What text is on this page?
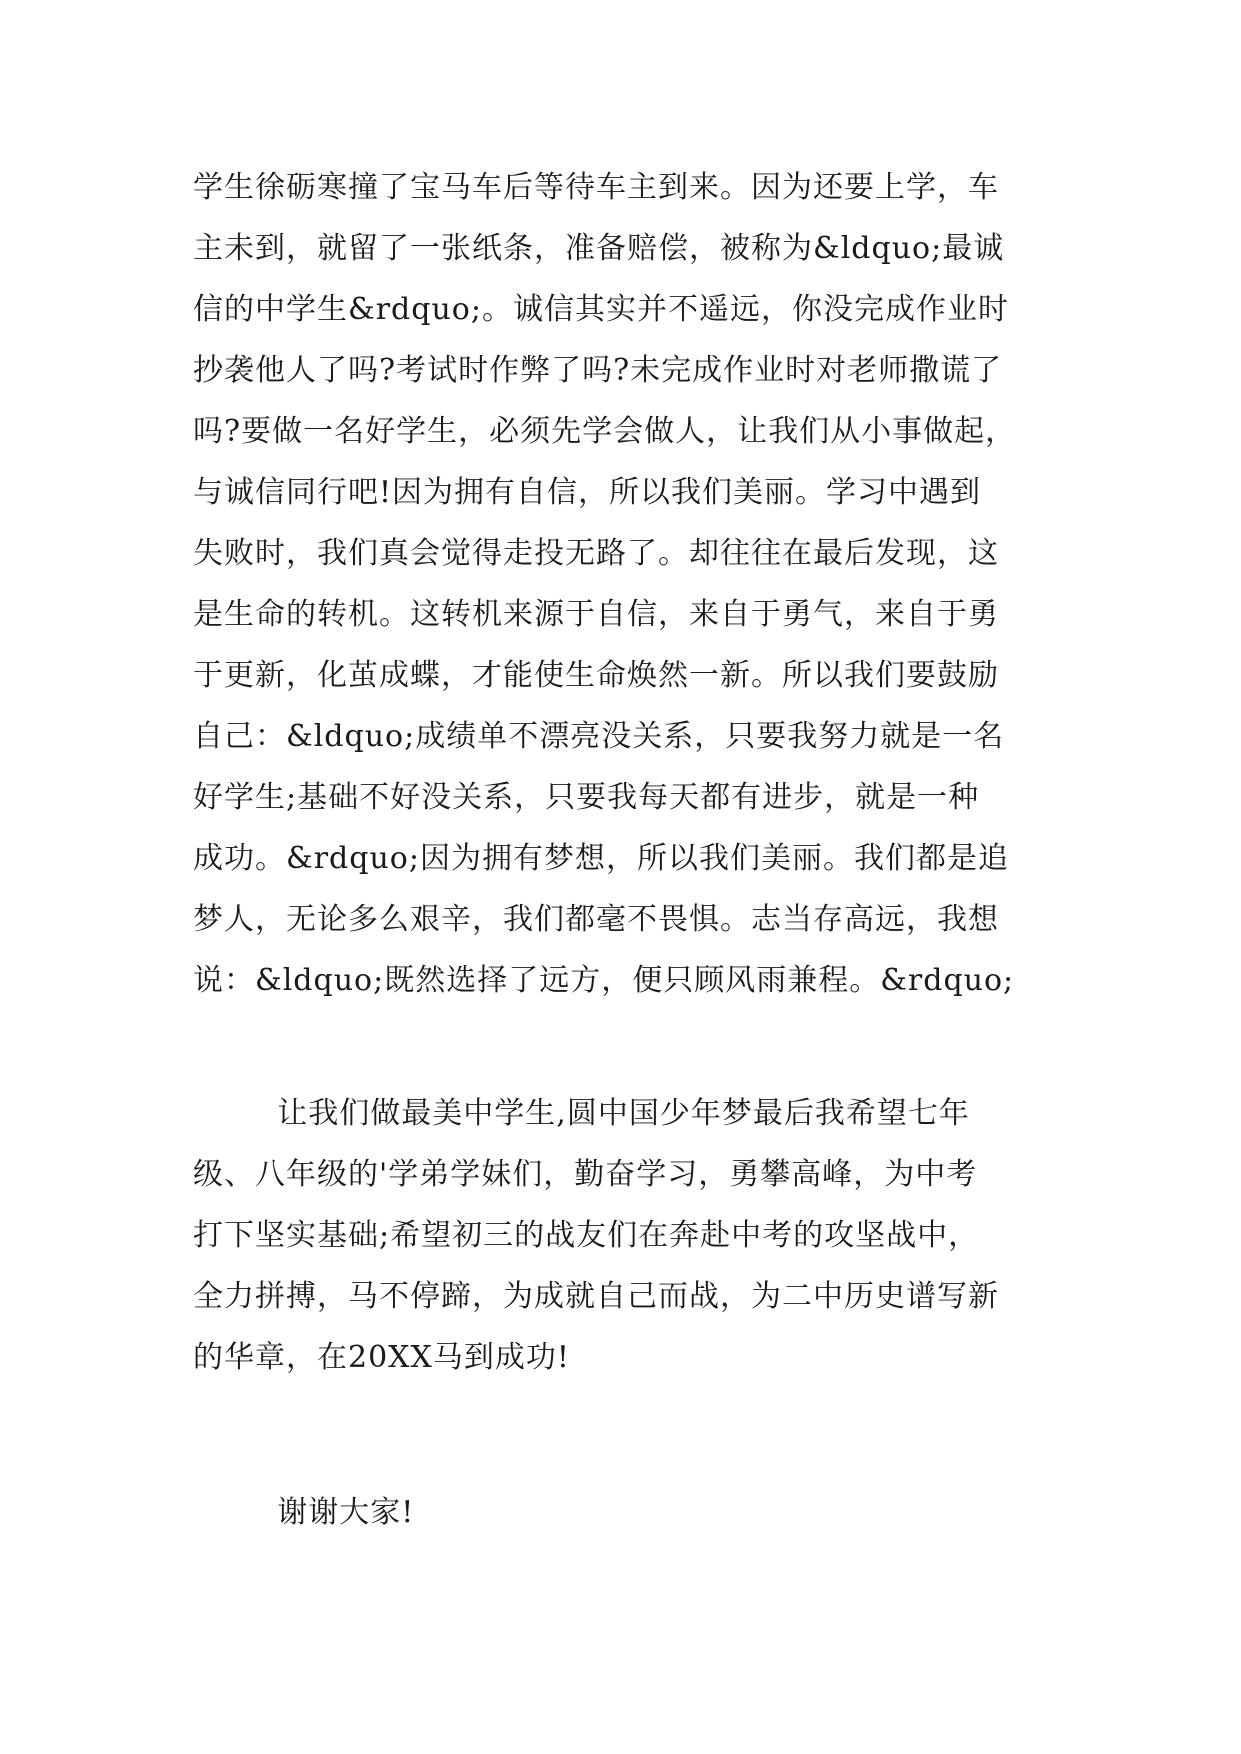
学生徐砺寒撞了宝马车后等待车主到来。因为还要上学，车
主未到，就留了一张纸条，准备赔偿，被称为&ldquo;最诚
信的中学生&rdquo;。诚信其实并不遥远，你没完成作业时
抄袭他人了吗?考试时作弊了吗?未完成作业时对老师撒谎了
吗?要做一名好学生，必须先学会做人，让我们从小事做起，
与诚信同行吧!因为拥有自信，所以我们美丽。学习中遇到
失败时，我们真会觉得走投无路了。却往往在最后发现，这
是生命的转机。这转机来源于自信，来自于勇气，来自于勇
于更新，化茧成蝶，才能使生命焕然一新。所以我们要鼓励
自己：&ldquo;成绩单不漂亮没关系，只要我努力就是一名
好学生;基础不好没关系，只要我每天都有进步，就是一种
成功。&rdquo;因为拥有梦想，所以我们美丽。我们都是追
梦人，无论多么艰辛，我们都毫不畏惧。志当存高远，我想
说：&ldquo;既然选择了远方，便只顾风雨兼程。&rdquo;
让我们做最美中学生,圆中国少年梦最后我希望七年
级、八年级的'学弟学妹们，勤奋学习，勇攀高峰，为中考
打下坚实基础;希望初三的战友们在奔赴中考的攻坚战中，
全力拼搏，马不停蹄，为成就自己而战，为二中历史谱写新
的华章，在20XX马到成功!
谢谢大家!
